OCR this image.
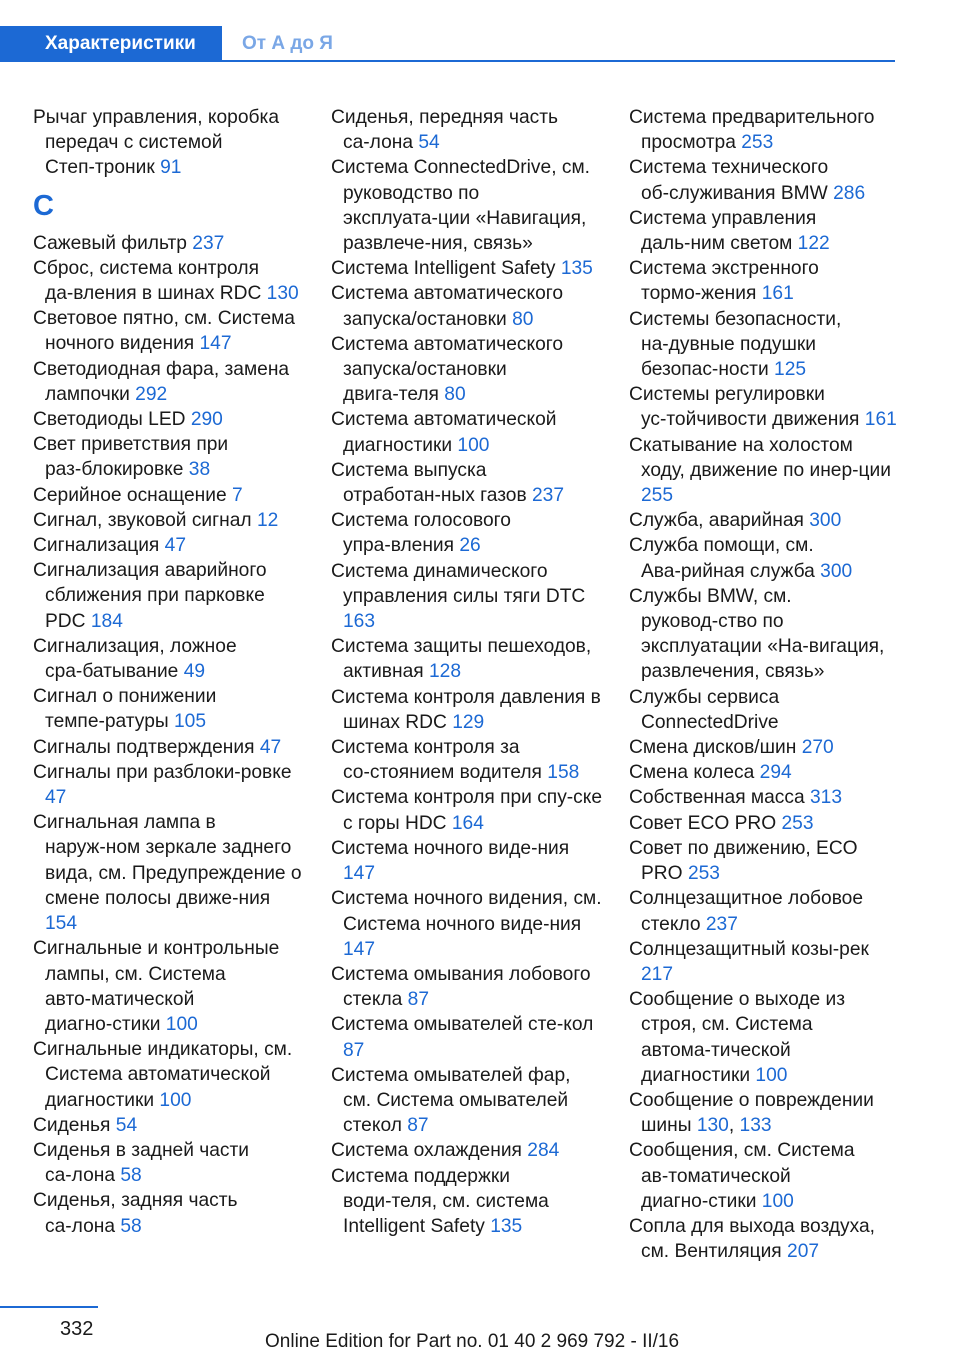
Характеристики	От А до Я
Рычаг управления, коробка передач с системой Степ‑троник 91
С
Сажевый фильтр 237
Сброс, система контроля да‑вления в шинах RDC 130
Световое пятно, см. Система ночного видения 147
Светодиодная фара, замена лампочки 292
Светодиоды LED 290
Свет приветствия при раз‑блокировке 38
Серийное оснащение 7
Сигнал, звуковой сигнал 12
Сигнализация 47
Сигнализация аварийного сближения при парковке PDC 184
Сигнализация, ложное сра‑батывание 49
Сигнал о понижении темпе‑ратуры 105
Сигналы подтверждения 47
Сигналы при разблоки‑ровке 47
Сигнальная лампа в наруж‑ном зеркале заднего вида, см. Предупреждение о смене полосы движе‑ния 154
Сигнальные и контрольные лампы, см. Система авто‑матической диагно‑стики 100
Сигнальные индикаторы, см. Система автоматической диагностики 100
Сиденья 54
Сиденья в задней части са‑лона 58
Сиденья, задняя часть са‑лона 58
Сиденья, передняя часть са‑лона 54
Система ConnectedDrive, см. руководство по эксплуата‑ции «Навигация, развлече‑ния, связь»
Система Intelligent Safety 135
Система автоматического запуска/остановки 80
Система автоматического запуска/остановки двига‑теля 80
Система автоматической диагностики 100
Система выпуска отработан‑ных газов 237
Система голосового упра‑вления 26
Система динамического управления силы тяги DTC 163
Система защиты пешеходов, активная 128
Система контроля давления в шинах RDC 129
Система контроля за со‑стоянием водителя 158
Система контроля при спу‑ске с горы HDC 164
Система ночного виде‑ния 147
Система ночного видения, см. Система ночного виде‑ния 147
Система омывания лобового стекла 87
Система омывателей сте‑кол 87
Система омывателей фар, см. Система омывателей стекол 87
Система охлаждения 284
Система поддержки води‑теля, см. система Intelligent Safety 135
Система предварительного просмотра 253
Система технического об‑служивания BMW 286
Система управления даль‑ним светом 122
Система экстренного тормо‑жения 161
Системы безопасности, на‑дувные подушки безопас‑ности 125
Системы регулировки ус‑тойчивости движения 161
Скатывание на холостом ходу, движение по инер‑ции 255
Служба, аварийная 300
Служба помощи, см. Ава‑рийная служба 300
Службы BMW, см. руковод‑ство по эксплуатации «На‑вигация, развлечения, связь»
Службы сервиса ConnectedDrive
Смена дисков/шин 270
Смена колеса 294
Собственная масса 313
Совет ECO PRO 253
Совет по движению, ECO PRO 253
Солнцезащитное лобовое стекло 237
Солнцезащитный козы‑рек 217
Сообщение о выходе из строя, см. Система автома‑тической диагностики 100
Сообщение о повреждении шины 130, 133
Сообщения, см. Система ав‑томатической диагно‑стики 100
Сопла для выхода воздуха, см. Вентиляция 207
332
Online Edition for Part no. 01 40 2 969 792 - II/16
